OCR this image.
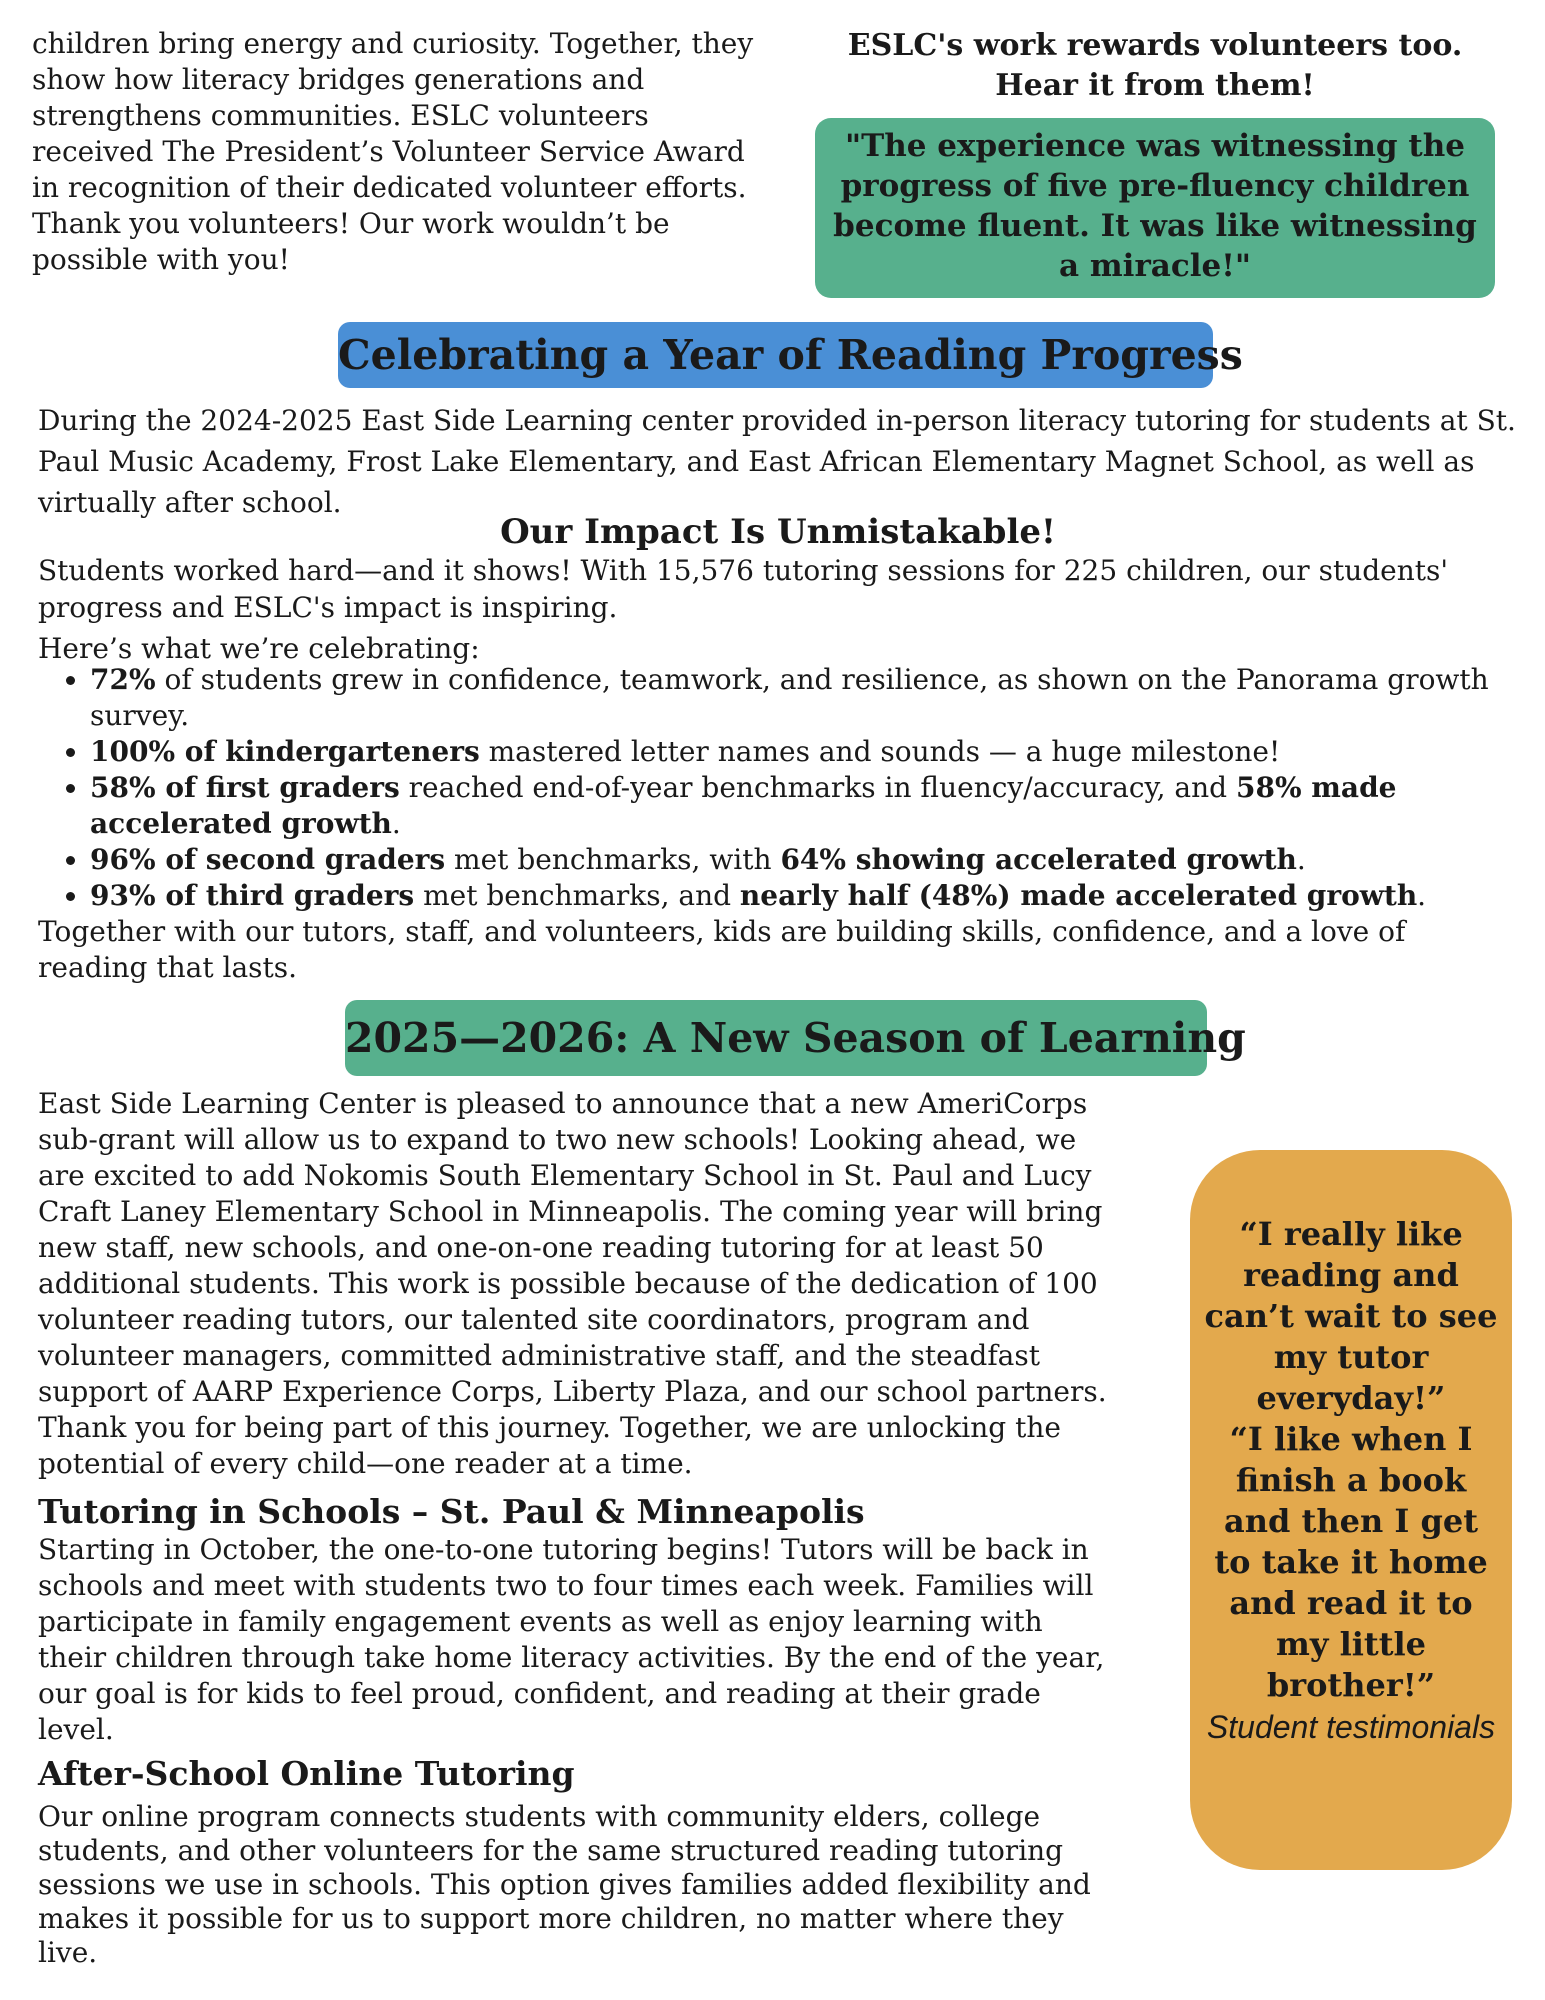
children bring energy and curiosity. Together, they show how literacy bridges generations and strengthens communities. ESLC volunteers received The President’s Volunteer Service Award in recognition of their dedicated volunteer efforts. Thank you volunteers! Our work wouldn’t be possible with you!
ESLC's work rewards volunteers too.
Hear it from them!
"The experience was witnessing the progress of five pre-fluency children become fluent. It was like witnessing a miracle!"
Celebrating a Year of Reading Progress
During the 2024-2025 East Side Learning center provided in-person literacy tutoring for students at St. Paul Music Academy, Frost Lake Elementary, and East African Elementary Magnet School, as well as virtually after school.
Our Impact Is Unmistakable!
Students worked hard—and it shows! With 15,576 tutoring sessions for 225 children, our students' progress and ESLC's impact is inspiring.
Here’s what we’re celebrating:
• 72% of students grew in confidence, teamwork, and resilience, as shown on the Panorama growth survey.
• 100% of kindergarteners mastered letter names and sounds — a huge milestone!
• 58% of first graders reached end-of-year benchmarks in fluency/accuracy, and 58% made accelerated growth.
• 96% of second graders met benchmarks, with 64% showing accelerated growth.
• 93% of third graders met benchmarks, and nearly half (48%) made accelerated growth.
Together with our tutors, staff, and volunteers, kids are building skills, confidence, and a love of reading that lasts.
2025—2026: A New Season of Learning
East Side Learning Center is pleased to announce that a new AmeriCorps sub-grant will allow us to expand to two new schools! Looking ahead, we are excited to add Nokomis South Elementary School in St. Paul and Lucy Craft Laney Elementary School in Minneapolis. The coming year will bring new staff, new schools, and one-on-one reading tutoring for at least 50 additional students. This work is possible because of the dedication of 100 volunteer reading tutors, our talented site coordinators, program and volunteer managers, committed administrative staff, and the steadfast support of AARP Experience Corps, Liberty Plaza, and our school partners. Thank you for being part of this journey. Together, we are unlocking the potential of every child—one reader at a time.
Tutoring in Schools – St. Paul & Minneapolis
Starting in October, the one-to-one tutoring begins! Tutors will be back in schools and meet with students two to four times each week. Families will participate in family engagement events as well as enjoy learning with their children through take home literacy activities. By the end of the year, our goal is for kids to feel proud, confident, and reading at their grade level.
After-School Online Tutoring
Our online program connects students with community elders, college students, and other volunteers for the same structured reading tutoring sessions we use in schools. This option gives families added flexibility and makes it possible for us to support more children, no matter where they live.
“I really like reading and can’t wait to see my tutor everyday!”
“I like when I finish a book and then I get to take it home and read it to my little brother!”
Student testimonials
